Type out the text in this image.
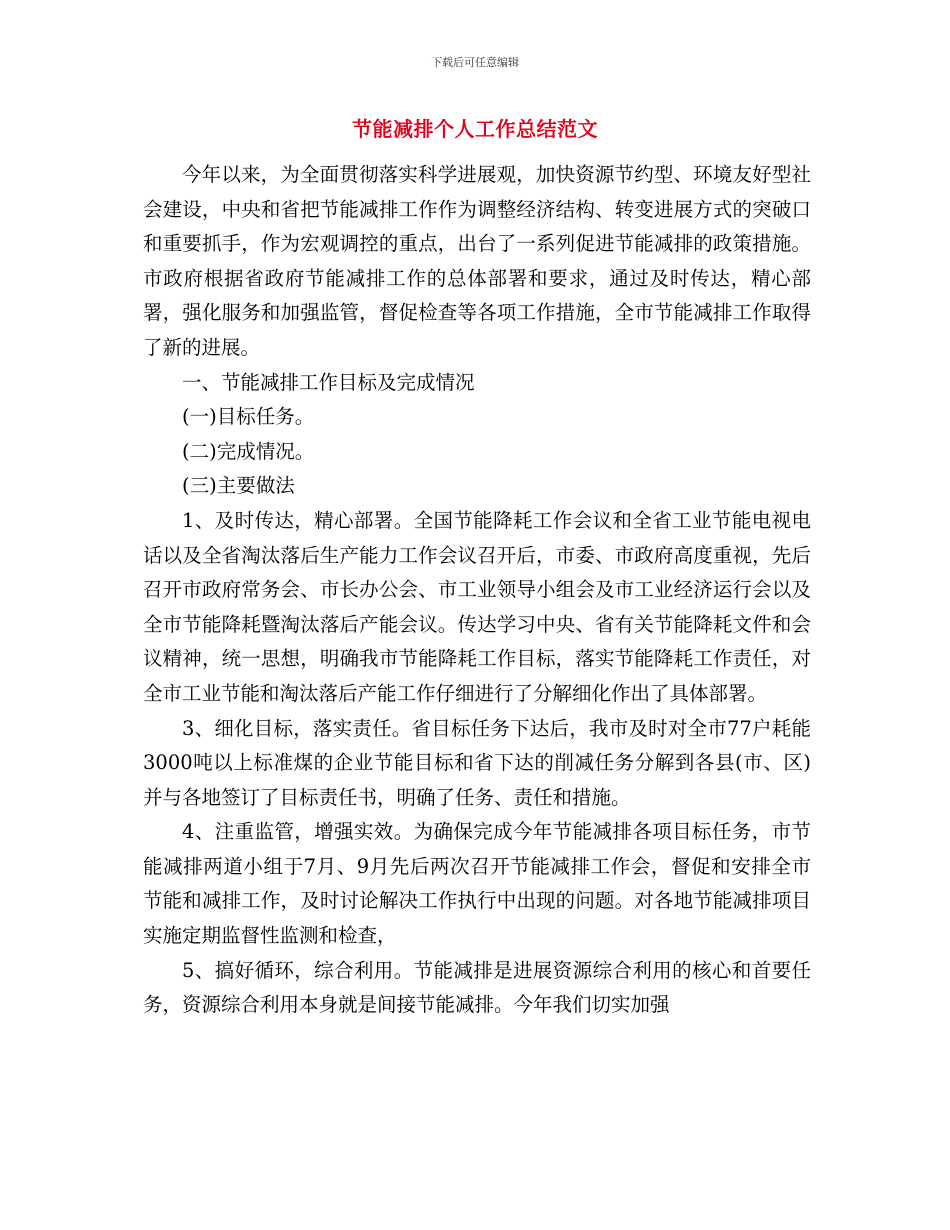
下载后可任意编辑
节能减排个人工作总结范文

今年以来，为全面贯彻落实科学进展观，加快资源节约型、环境友好型社会建设，中央和省把节能减排工作作为调整经济结构、转变进展方式的突破口和重要抓手，作为宏观调控的重点，出台了一系列促进节能减排的政策措施。市政府根据省政府节能减排工作的总体部署和要求，通过及时传达，精心部署，强化服务和加强监管，督促检查等各项工作措施，全市节能减排工作取得了新的进展。

一、节能减排工作目标及完成情况

(一)目标任务。

(二)完成情况。

(三)主要做法

1、及时传达，精心部署。全国节能降耗工作会议和全省工业节能电视电话以及全省淘汰落后生产能力工作会议召开后，市委、市政府高度重视，先后召开市政府常务会、市长办公会、市工业领导小组会及市工业经济运行会以及全市节能降耗暨淘汰落后产能会议。传达学习中央、省有关节能降耗文件和会议精神，统一思想，明确我市节能降耗工作目标，落实节能降耗工作责任，对全市工业节能和淘汰落后产能工作仔细进行了分解细化作出了具体部署。

3、细化目标，落实责任。省目标任务下达后，我市及时对全市77户耗能3000吨以上标准煤的企业节能目标和省下达的削减任务分解到各县(市、区)并与各地签订了目标责任书，明确了任务、责任和措施。

4、注重监管，增强实效。为确保完成今年节能减排各项目标任务，市节能减排两道小组于7月、9月先后两次召开节能减排工作会，督促和安排全市节能和减排工作，及时讨论解决工作执行中出现的问题。对各地节能减排项目实施定期监督性监测和检查，

5、搞好循环，综合利用。节能减排是进展资源综合利用的核心和首要任务，资源综合利用本身就是间接节能减排。今年我们切实加强
